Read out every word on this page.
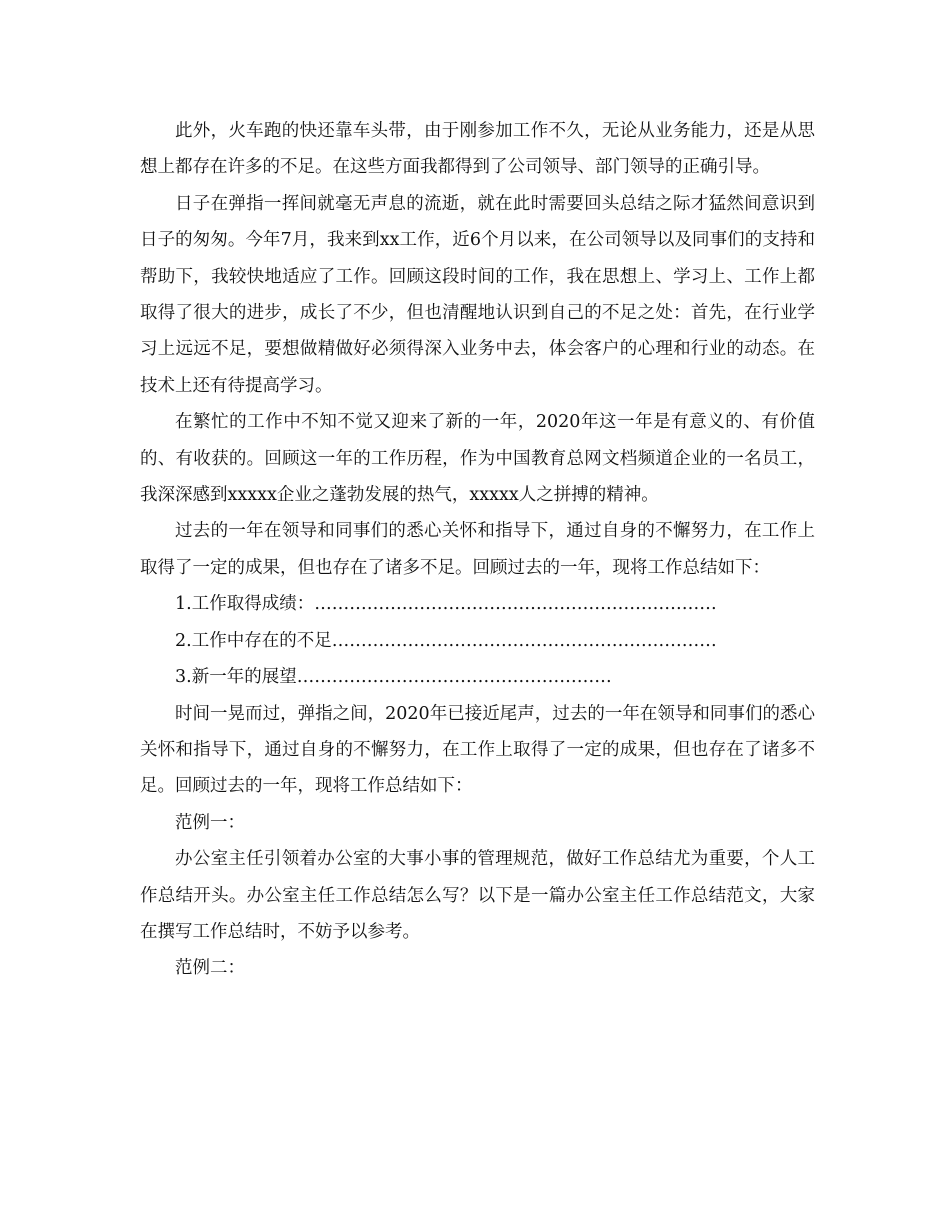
此外，火车跑的快还靠车头带，由于刚参加工作不久，无论从业务能力，还是从思想上都存在许多的不足。在这些方面我都得到了公司领导、部门领导的正确引导。

日子在弹指一挥间就毫无声息的流逝，就在此时需要回头总结之际才猛然间意识到日子的匆匆。今年7月，我来到xx工作，近6个月以来，在公司领导以及同事们的支持和帮助下，我较快地适应了工作。回顾这段时间的工作，我在思想上、学习上、工作上都取得了很大的进步，成长了不少，但也清醒地认识到自己的不足之处：首先，在行业学习上远远不足，要想做精做好必须得深入业务中去，体会客户的心理和行业的动态。在技术上还有待提高学习。

在繁忙的工作中不知不觉又迎来了新的一年，2020年这一年是有意义的、有价值的、有收获的。回顾这一年的工作历程，作为中国教育总网文档频道企业的一名员工，我深深感到xxxxx企业之蓬勃发展的热气，xxxxx人之拼搏的精神。

过去的一年在领导和同事们的悉心关怀和指导下，通过自身的不懈努力，在工作上取得了一定的成果，但也存在了诸多不足。回顾过去的一年，现将工作总结如下：

1.工作取得成绩：……………………………………………………………

2.工作中存在的不足…………………………………………………………

3.新一年的展望………………………………………………

时间一晃而过，弹指之间，2020年已接近尾声，过去的一年在领导和同事们的悉心关怀和指导下，通过自身的不懈努力，在工作上取得了一定的成果，但也存在了诸多不足。回顾过去的一年，现将工作总结如下：

范例一：

办公室主任引领着办公室的大事小事的管理规范，做好工作总结尤为重要，个人工作总结开头。办公室主任工作总结怎么写？以下是一篇办公室主任工作总结范文，大家在撰写工作总结时，不妨予以参考。

范例二：
